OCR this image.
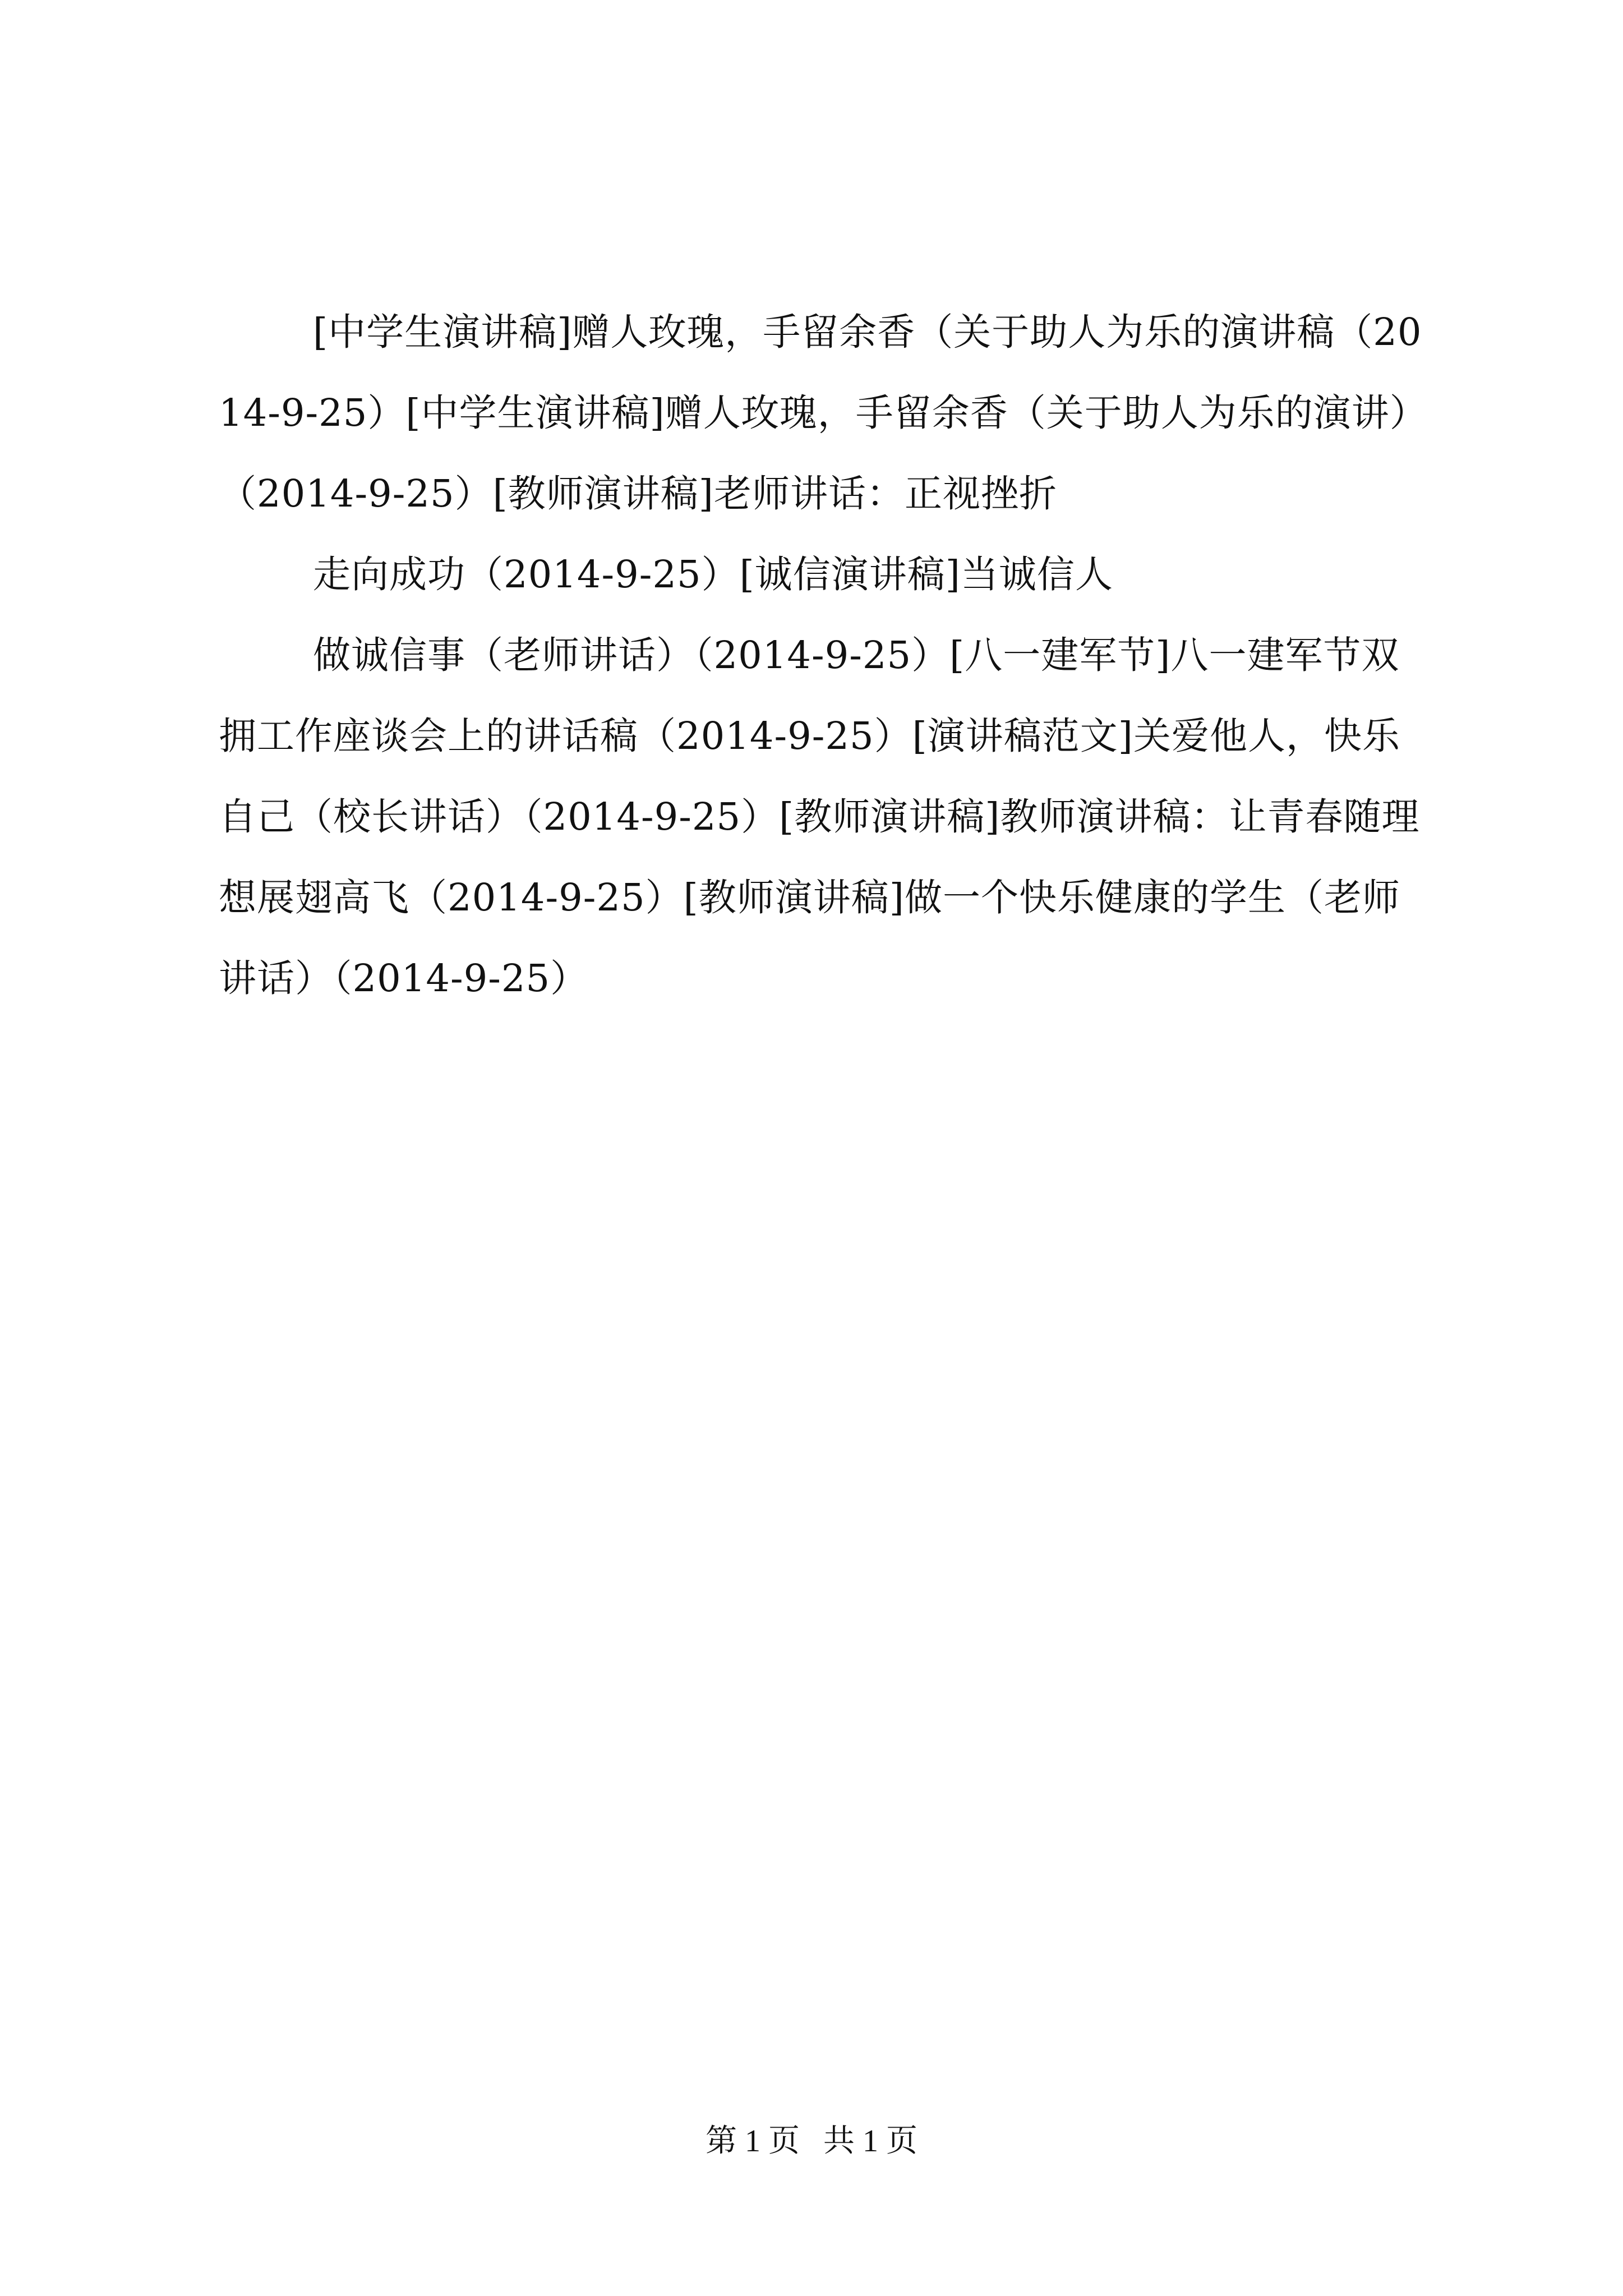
[中学生演讲稿]赠人玫瑰，手留余香（关于助人为乐的演讲稿（2014-9-25）[中学生演讲稿]赠人玫瑰，手留余香（关于助人为乐的演讲）（2014-9-25）[教师演讲稿]老师讲话：正视挫折

走向成功（2014-9-25）[诚信演讲稿]当诚信人

做诚信事（老师讲话）（2014-9-25）[八一建军节]八一建军节双拥工作座谈会上的讲话稿（2014-9-25）[演讲稿范文]关爱他人，快乐自己（校长讲话）（2014-9-25）[教师演讲稿]教师演讲稿：让青春随理想展翅高飞（2014-9-25）[教师演讲稿]做一个快乐健康的学生（老师讲话）（2014-9-25）

第 1 页 共 1 页
